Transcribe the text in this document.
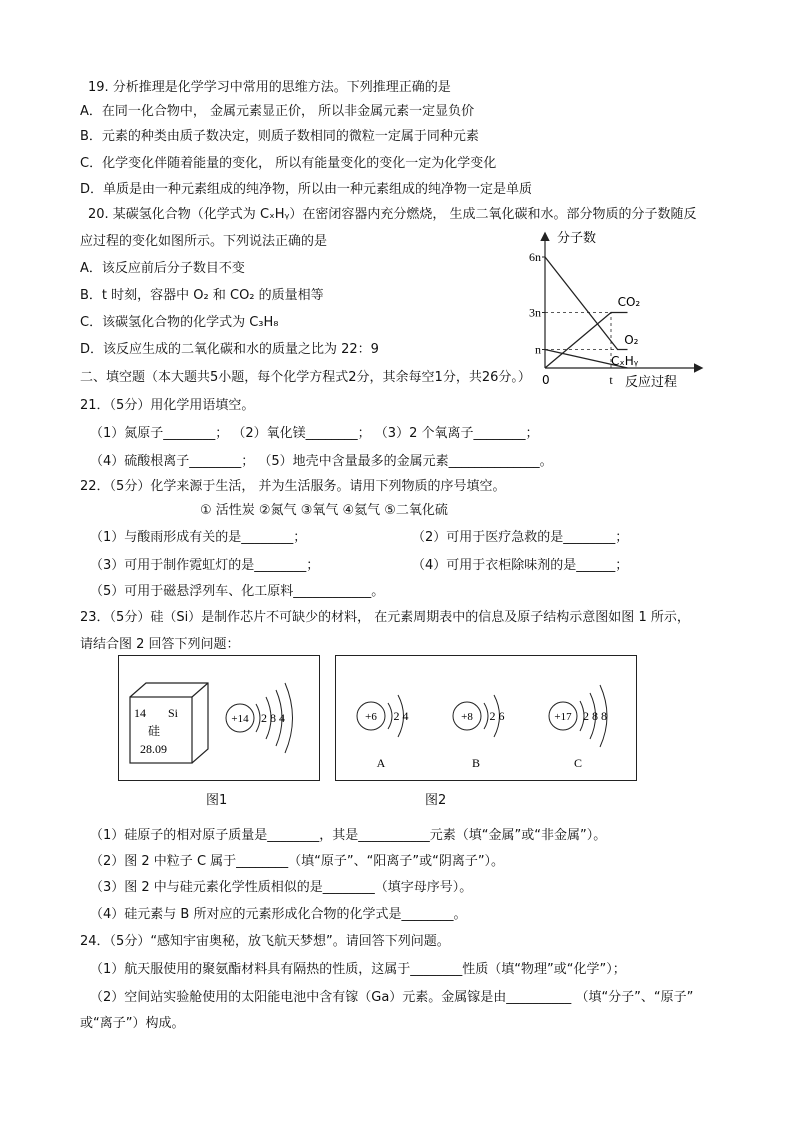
19. 分析推理是化学学习中常用的思维方法。下列推理正确的是
A．在同一化合物中， 金属元素显正价， 所以非金属元素一定显负价
B．元素的种类由质子数决定，则质子数相同的微粒一定属于同种元素
C．化学变化伴随着能量的变化， 所以有能量变化的变化一定为化学变化
D．单质是由一种元素组成的纯净物，所以由一种元素组成的纯净物一定是单质
20. 某碳氢化合物（化学式为 CₓHᵧ）在密闭容器内充分燃烧， 生成二氧化碳和水。部分物质的分子数随反
应过程的变化如图所示。下列说法正确的是
A．该反应前后分子数目不变
B．t 时刻，容器中 O₂ 和 CO₂ 的质量相等
C．该碳氢化合物的化学式为 C₃H₈
D．该反应生成的二氧化碳和水的质量之比为 22：9
分子数
反应过程
0
6n
3n
n
t
CO₂
O₂
CₓHᵧ
二、填空题（本大题共5小题，每个化学方程式2分，其余每空1分，共26分。）
21．（5分）用化学用语填空。
（1）氮原子________； （2）氧化镁________； （3）2 个氧离子________；
（4）硫酸根离子________； （5）地壳中含量最多的金属元素______________。
22．（5分）化学来源于生活， 并为生活服务。请用下列物质的序号填空。
① 活性炭 ②氮气 ③氧气 ④氦气 ⑤二氧化硫
（1）与酸雨形成有关的是________；	（2）可用于医疗急救的是________；
（3）可用于制作霓虹灯的是________；	（4）可用于衣柜除味剂的是______；
（5）可用于磁悬浮列车、化工原料____________。
23．（5分）硅（Si）是制作芯片不可缺少的材料， 在元素周期表中的信息及原子结构示意图如图 1 所示，
请结合图 2 回答下列问题：
14 Si
硅
28.09
+14 2 8 4
图1
+6 2 4
A
+8 2 6
B
+17 2 8 8
C
图2
（1）硅原子的相对原子质量是________，其是___________元素（填“金属”或“非金属”）。
（2）图 2 中粒子 C 属于________（填“原子”、“阳离子”或“阴离子”）。
（3）图 2 中与硅元素化学性质相似的是________（填字母序号）。
（4）硅元素与 B 所对应的元素形成化合物的化学式是________。
24．（5分）“感知宇宙奥秘，放飞航天梦想”。请回答下列问题。
（1）航天服使用的聚氨酯材料具有隔热的性质，这属于________性质（填“物理”或“化学”）；
（2）空间站实验舱使用的太阳能电池中含有镓（Ga）元素。金属镓是由__________ （填“分子”、“原子”
或“离子”）构成。
